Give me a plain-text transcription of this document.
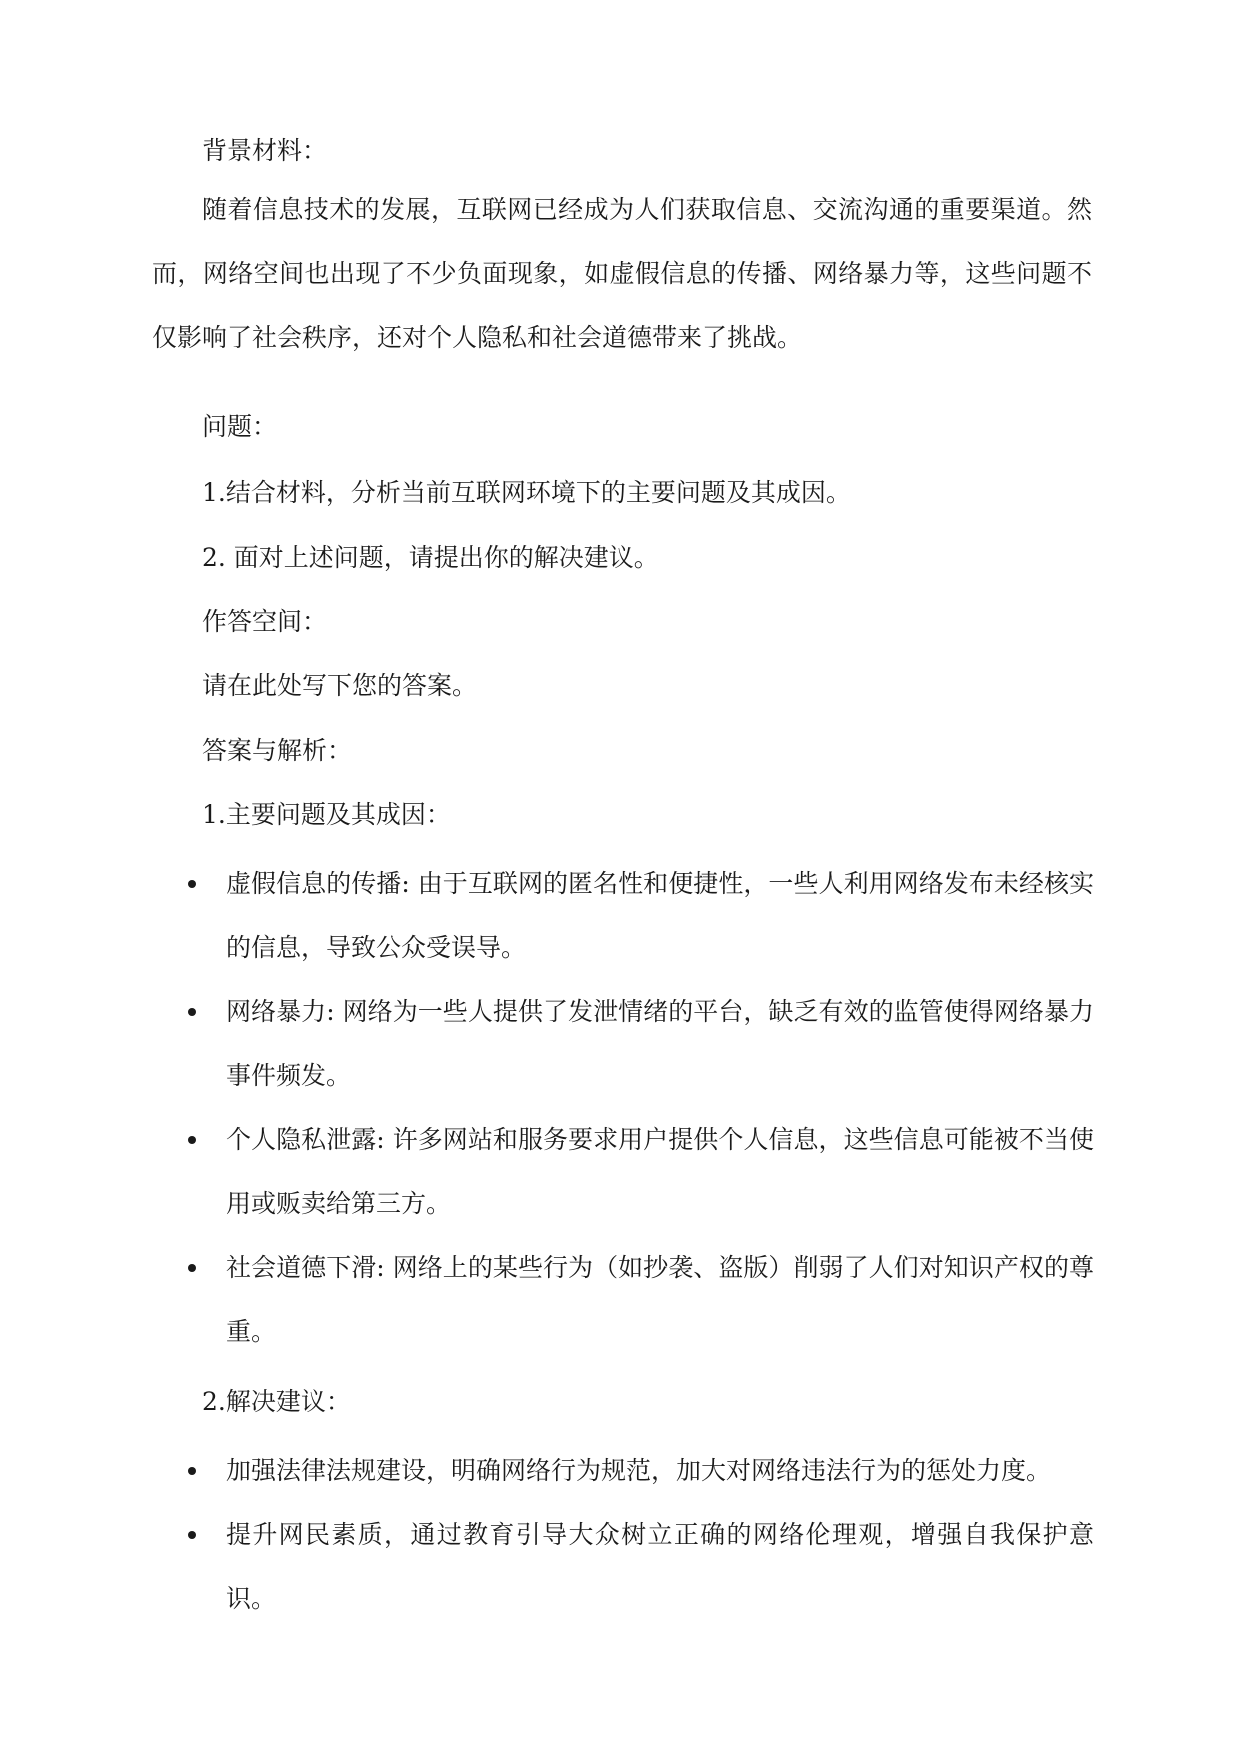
背景材料：
随着信息技术的发展，互联网已经成为人们获取信息、交流沟通的重要渠道。然而，网络空间也出现了不少负面现象，如虚假信息的传播、网络暴力等，这些问题不仅影响了社会秩序，还对个人隐私和社会道德带来了挑战。
问题：
1.结合材料，分析当前互联网环境下的主要问题及其成因。
2. 面对上述问题，请提出你的解决建议。
作答空间：
请在此处写下您的答案。
答案与解析：
1.主要问题及其成因：
虚假信息的传播: 由于互联网的匿名性和便捷性，一些人利用网络发布未经核实的信息，导致公众受误导。
网络暴力: 网络为一些人提供了发泄情绪的平台，缺乏有效的监管使得网络暴力事件频发。
个人隐私泄露: 许多网站和服务要求用户提供个人信息，这些信息可能被不当使用或贩卖给第三方。
社会道德下滑: 网络上的某些行为（如抄袭、盗版）削弱了人们对知识产权的尊重。
2.解决建议：
加强法律法规建设，明确网络行为规范，加大对网络违法行为的惩处力度。
提升网民素质，通过教育引导大众树立正确的网络伦理观，增强自我保护意识。
